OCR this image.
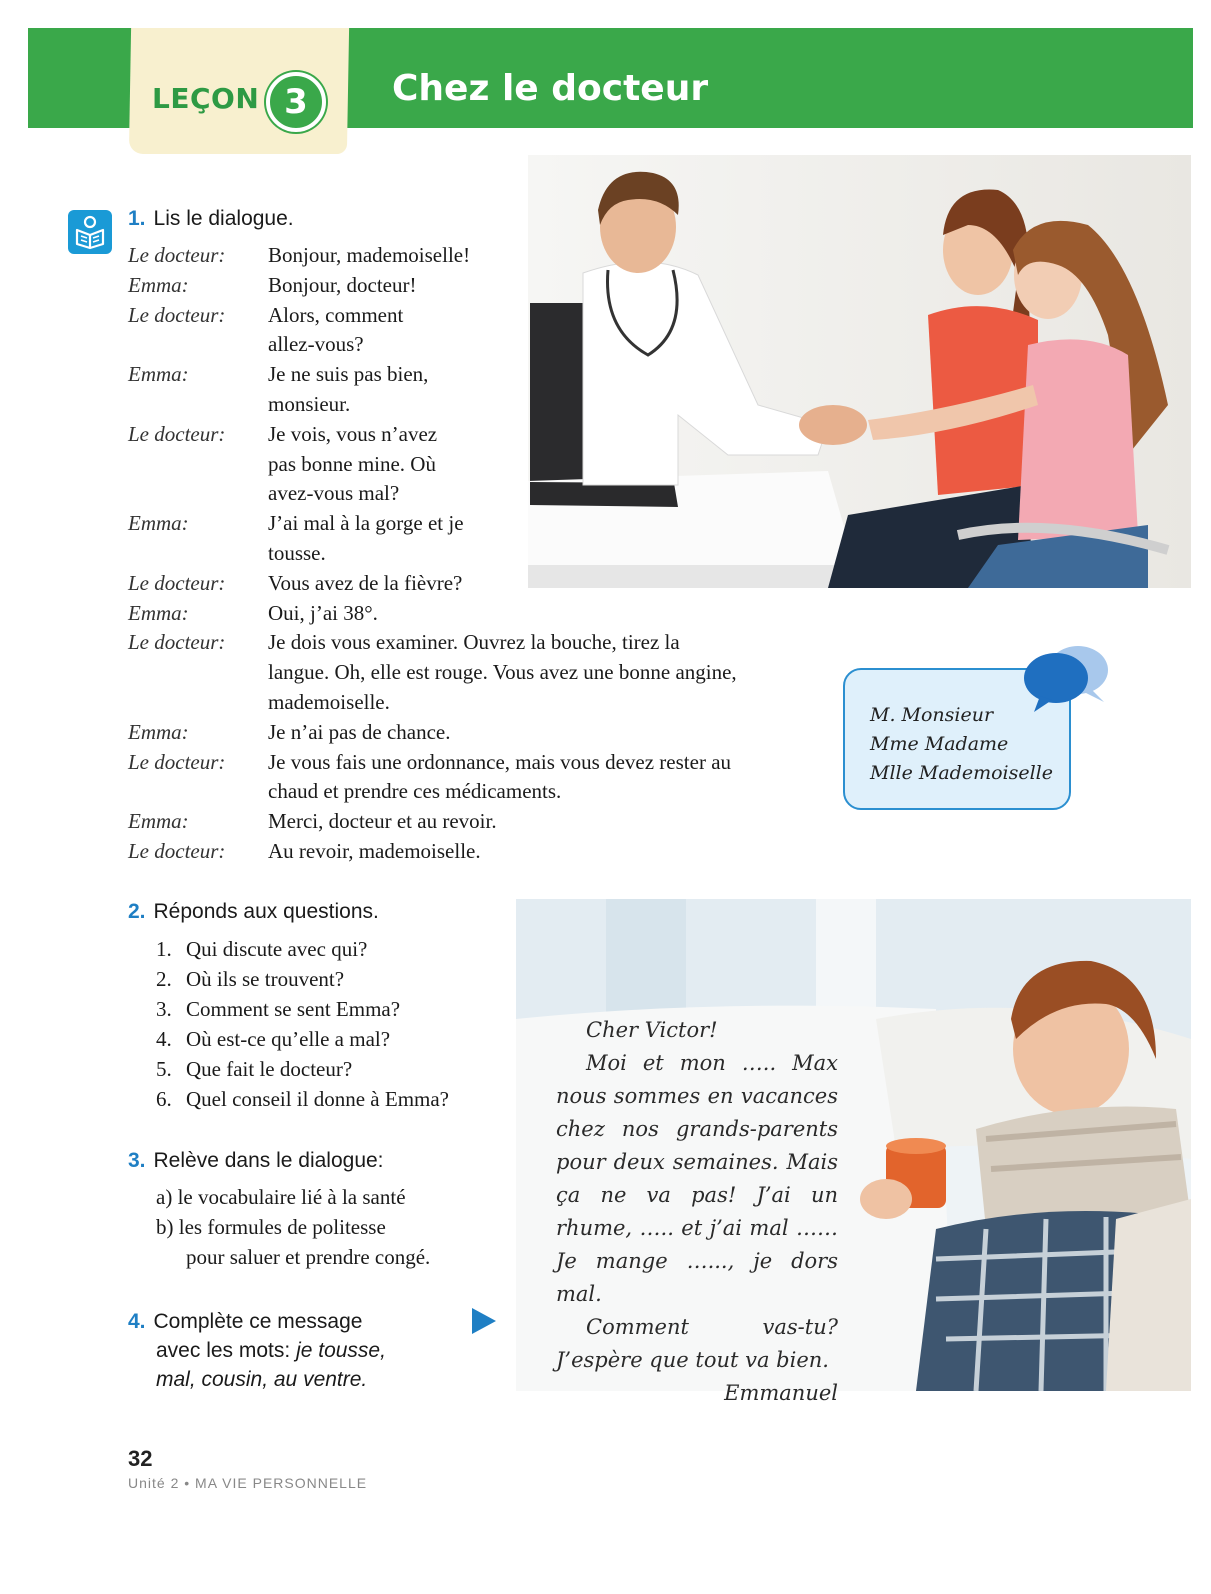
LEÇON 3	Chez le docteur
1. Lis le dialogue.
Le docteur:	Bonjour, mademoiselle!
Emma:	Bonjour, docteur!
Le docteur:	Alors, comment
allez-vous?
Emma:	Je ne suis pas bien,
monsieur.
Le docteur:	Je vois, vous n’avez
pas bonne mine. Où
avez-vous mal?
Emma:	J’ai mal à la gorge et je
tousse.
Le docteur:	Vous avez de la fièvre?
Emma:	Oui, j’ai 38°.
Le docteur:	Je dois vous examiner. Ouvrez la bouche, tirez la
langue. Oh, elle est rouge. Vous avez une bonne angine,
mademoiselle.
Emma:	Je n’ai pas de chance.
Le docteur:	Je vous fais une ordonnance, mais vous devez rester au
chaud et prendre ces médicaments.
Emma:	Merci, docteur et au revoir.
Le docteur:	Au revoir, mademoiselle.
M. Monsieur
Mme Madame
Mlle Mademoiselle
2. Réponds aux questions.
1. Qui discute avec qui?
2. Où ils se trouvent?
3. Comment se sent Emma?
4. Où est-ce qu’elle a mal?
5. Que fait le docteur?
6. Quel conseil il donne à Emma?
3. Relève dans le dialogue:
a) le vocabulaire lié à la santé
b) les formules de politesse
pour saluer et prendre congé.
4. Complète ce message
avec les mots: je tousse,
mal, cousin, au ventre.

Cher Victor!

Moi et mon ….. Max nous sommes en vacances chez nos grands-parents pour deux semaines. Mais ça ne va pas! J’ai un rhume, ….. et j’ai mal …… Je mange …..., je dors mal.

Comment vas-tu? J’espère que tout va bien.

Emmanuel

32
Unité 2 • MA VIE PERSONNELLE
